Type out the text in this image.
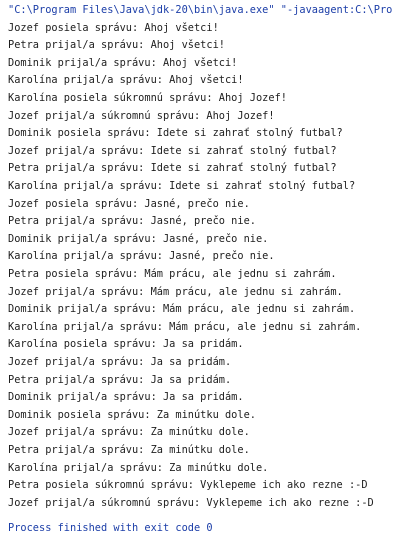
"C:\Program Files\Java\jdk-20\bin\java.exe" "-javaagent:C:\Pro
Jozef posiela správu: Ahoj všetci!
Petra prijal/a správu: Ahoj všetci!
Dominik prijal/a správu: Ahoj všetci!
Karolína prijal/a správu: Ahoj všetci!
Karolína posiela súkromnú správu: Ahoj Jozef!
Jozef prijal/a súkromnú správu: Ahoj Jozef!
Dominik posiela správu: Idete si zahrať stolný futbal?
Jozef prijal/a správu: Idete si zahrať stolný futbal?
Petra prijal/a správu: Idete si zahrať stolný futbal?
Karolína prijal/a správu: Idete si zahrať stolný futbal?
Jozef posiela správu: Jasné, prečo nie.
Petra prijal/a správu: Jasné, prečo nie.
Dominik prijal/a správu: Jasné, prečo nie.
Karolína prijal/a správu: Jasné, prečo nie.
Petra posiela správu: Mám prácu, ale jednu si zahrám.
Jozef prijal/a správu: Mám prácu, ale jednu si zahrám.
Dominik prijal/a správu: Mám prácu, ale jednu si zahrám.
Karolína prijal/a správu: Mám prácu, ale jednu si zahrám.
Karolína posiela správu: Ja sa pridám.
Jozef prijal/a správu: Ja sa pridám.
Petra prijal/a správu: Ja sa pridám.
Dominik prijal/a správu: Ja sa pridám.
Dominik posiela správu: Za minútku dole.
Jozef prijal/a správu: Za minútku dole.
Petra prijal/a správu: Za minútku dole.
Karolína prijal/a správu: Za minútku dole.
Petra posiela súkromnú správu: Vyklepeme ich ako rezne :-D
Jozef prijal/a súkromnú správu: Vyklepeme ich ako rezne :-D
Process finished with exit code 0
